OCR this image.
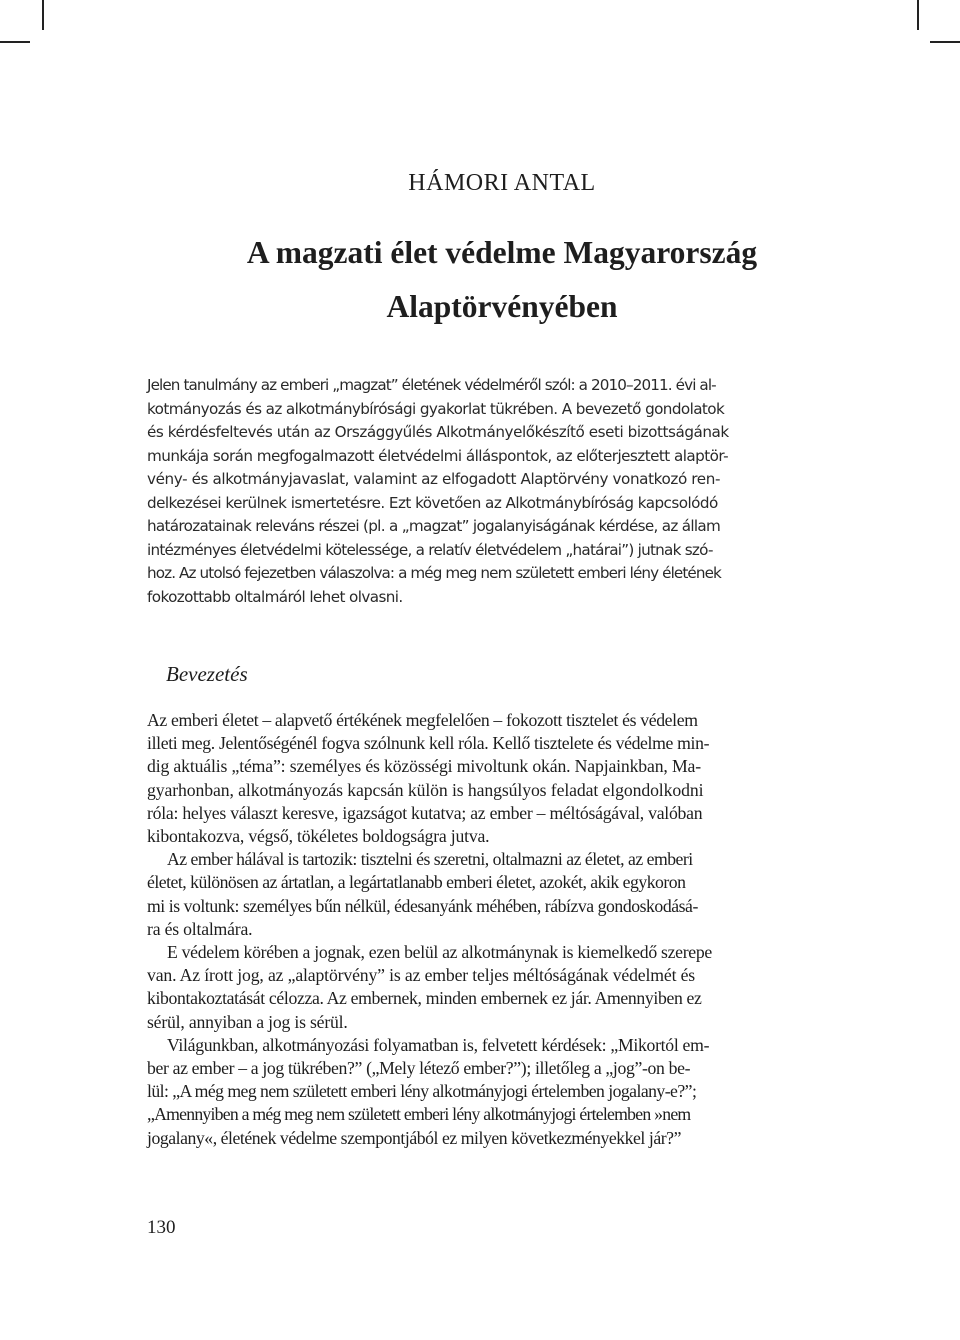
HÁMORI ANTAL
A magzati élet védelme Magyarország
Alaptörvényében
Jelen tanulmány az emberi „magzat” életének védelméről szól: a 2010–2011. évi al-
kotmányozás és az alkotmánybírósági gyakorlat tükrében. A bevezető gondolatok
és kérdésfeltevés után az Országgyűlés Alkotmányelőkészítő eseti bizottságának
munkája során megfogalmazott életvédelmi álláspontok, az előterjesztett alaptör-
vény- és alkotmányjavaslat, valamint az elfogadott Alaptörvény vonatkozó ren-
delkezései kerülnek ismertetésre. Ezt követően az Alkotmánybíróság kapcsolódó
határozatainak releváns részei (pl. a „magzat” jogalanyiságának kérdése, az állam
intézményes életvédelmi kötelessége, a relatív életvédelem „határai”) jutnak szó-
hoz. Az utolsó fejezetben válaszolva: a még meg nem született emberi lény életének
fokozottabb oltalmáról lehet olvasni.
Bevezetés
Az emberi életet – alapvető értékének megfelelően – fokozott tisztelet és védelem
illeti meg. Jelentőségénél fogva szólnunk kell róla. Kellő tisztelete és védelme min-
dig aktuális „téma”: személyes és közösségi mivoltunk okán. Napjainkban, Ma-
gyarhonban, alkotmányozás kapcsán külön is hangsúlyos feladat elgondolkodni
róla: helyes választ keresve, igazságot kutatva; az ember – méltóságával, valóban
kibontakozva, végső, tökéletes boldogságra jutva.
Az ember hálával is tartozik: tisztelni és szeretni, oltalmazni az életet, az emberi
életet, különösen az ártatlan, a legártatlanabb emberi életet, azokét, akik egykoron
mi is voltunk: személyes bűn nélkül, édesanyánk méhében, rábízva gondoskodásá-
ra és oltalmára.
E védelem körében a jognak, ezen belül az alkotmánynak is kiemelkedő szerepe
van. Az írott jog, az „alaptörvény” is az ember teljes méltóságának védelmét és
kibontakoztatását célozza. Az embernek, minden embernek ez jár. Amennyiben ez
sérül, annyiban a jog is sérül.
Világunkban, alkotmányozási folyamatban is, felvetett kérdések: „Mikortól em-
ber az ember – a jog tükrében?” („Mely létező ember?”); illetőleg a „jog”-on be-
lül: „A még meg nem született emberi lény alkotmányjogi értelemben jogalany-e?”;
„Amennyiben a még meg nem született emberi lény alkotmányjogi értelemben »nem
jogalany«, életének védelme szempontjából ez milyen következményekkel jár?”
130
